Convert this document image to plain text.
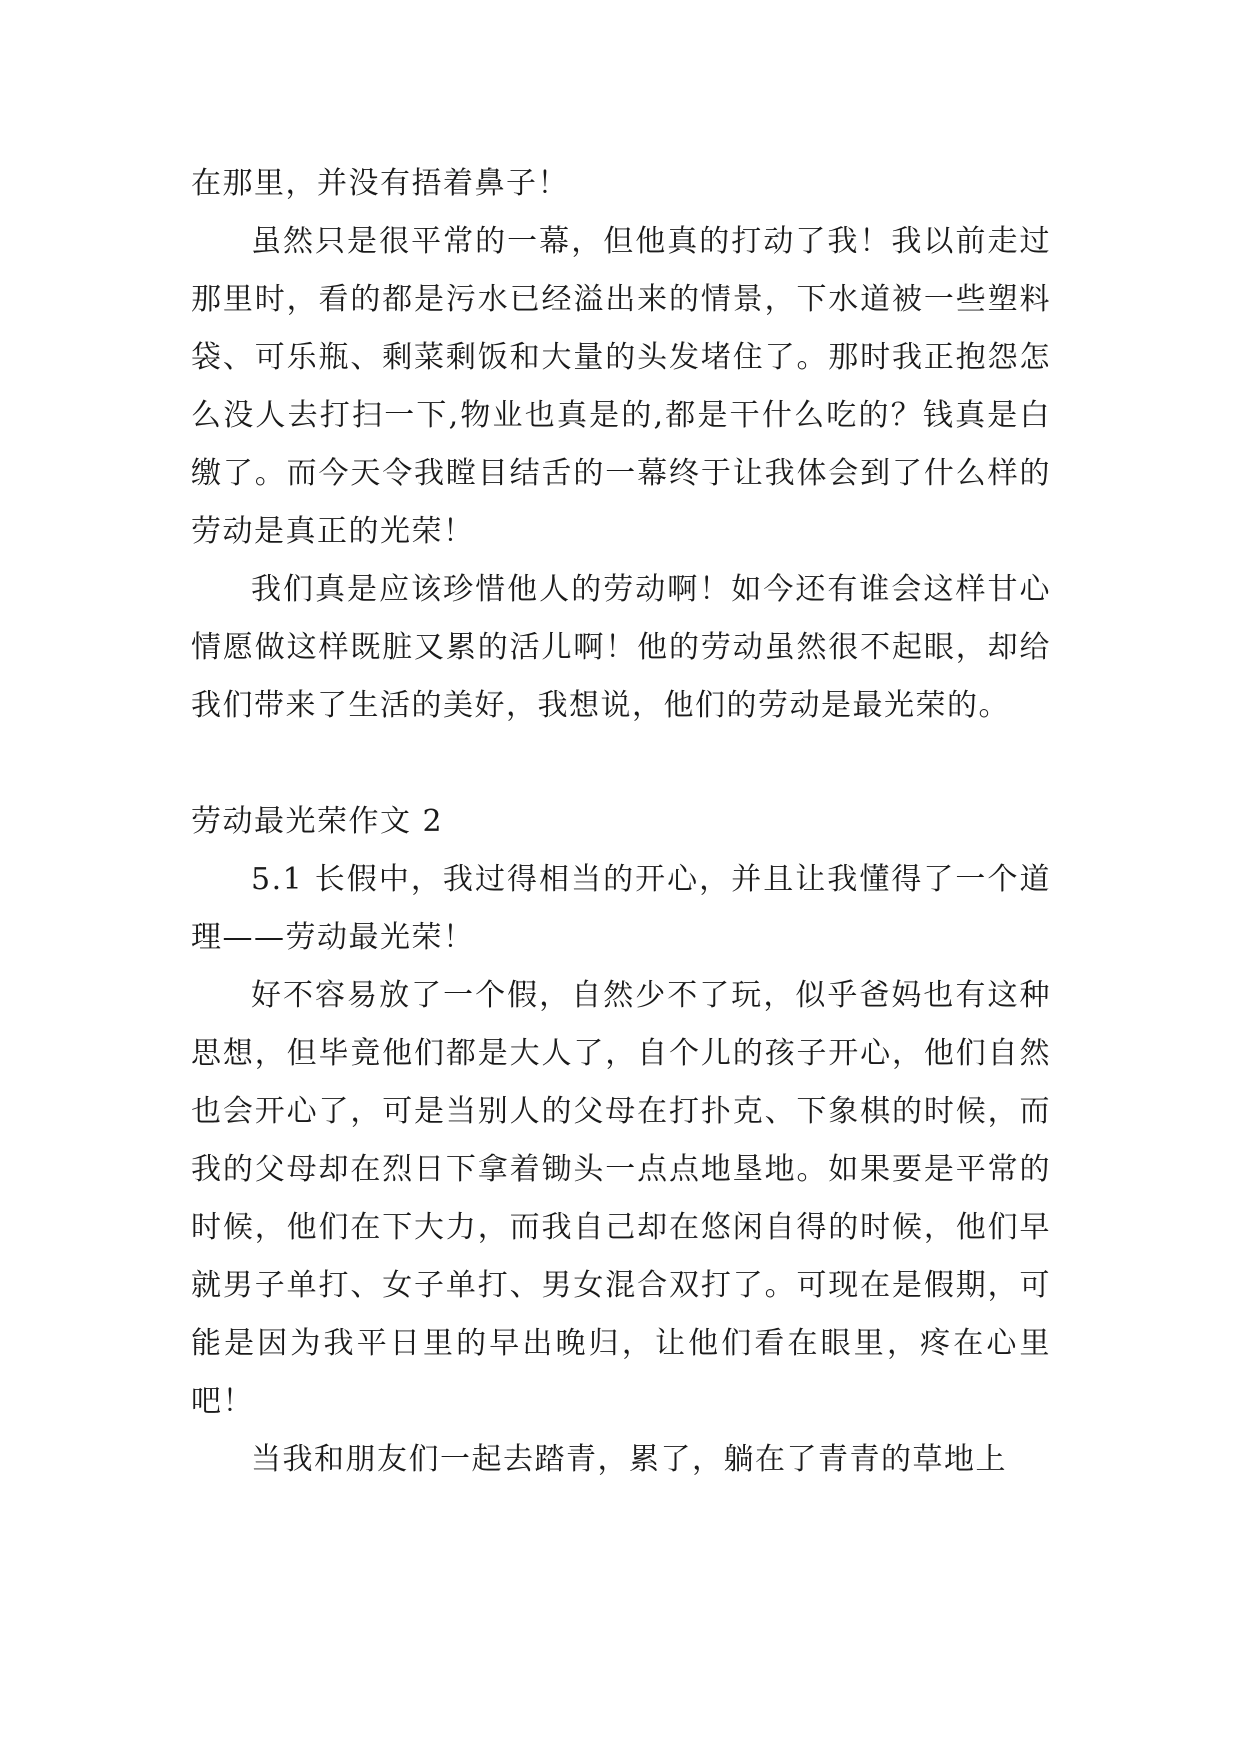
在那里，并没有捂着鼻子！

虽然只是很平常的一幕，但他真的打动了我！我以前走过那里时，看的都是污水已经溢出来的情景，下水道被一些塑料袋、可乐瓶、剩菜剩饭和大量的头发堵住了。那时我正抱怨怎么没人去打扫一下,物业也真是的,都是干什么吃的？钱真是白缴了。而今天令我瞠目结舌的一幕终于让我体会到了什么样的劳动是真正的光荣！

我们真是应该珍惜他人的劳动啊！如今还有谁会这样甘心情愿做这样既脏又累的活儿啊！他的劳动虽然很不起眼，却给我们带来了生活的美好，我想说，他们的劳动是最光荣的。

劳动最光荣作文 2

5.1 长假中，我过得相当的开心，并且让我懂得了一个道理——劳动最光荣！

好不容易放了一个假，自然少不了玩，似乎爸妈也有这种思想，但毕竟他们都是大人了，自个儿的孩子开心，他们自然也会开心了，可是当别人的父母在打扑克、下象棋的时候，而我的父母却在烈日下拿着锄头一点点地垦地。如果要是平常的时候，他们在下大力，而我自己却在悠闲自得的时候，他们早就男子单打、女子单打、男女混合双打了。可现在是假期，可能是因为我平日里的早出晚归，让他们看在眼里，疼在心里吧！

当我和朋友们一起去踏青，累了，躺在了青青的草地上
